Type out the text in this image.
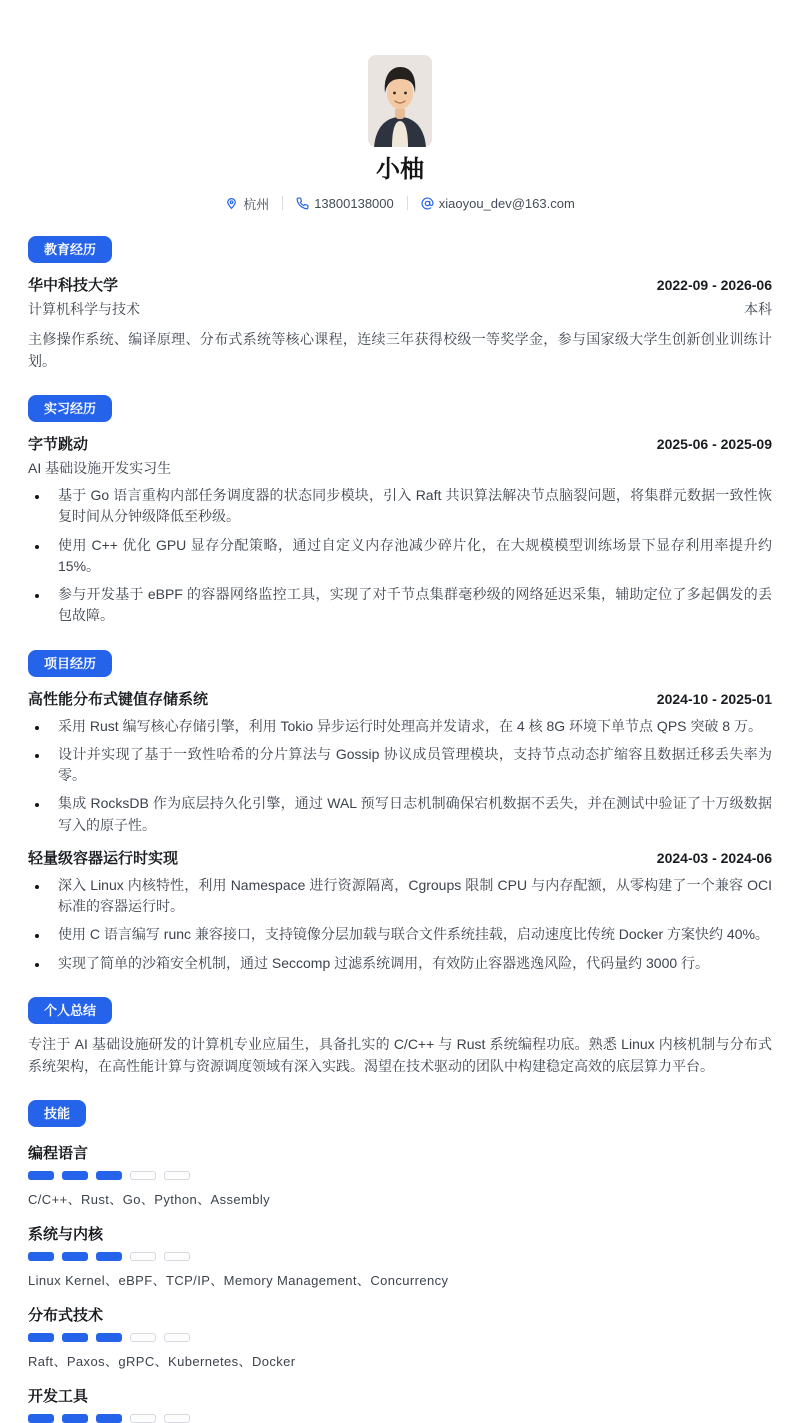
小柚
杭州	13800138000	xiaoyou_dev@163.com
教育经历
华中科技大学	2022-09 - 2026-06
计算机科学与技术	本科

主修操作系统、编译原理、分布式系统等核心课程，连续三年获得校级一等奖学金，参与国家级大学生创新创业训练计划。

实习经历
字节跳动	2025-06 - 2025-09
AI 基础设施开发实习生
• 基于 Go 语言重构内部任务调度器的状态同步模块，引入 Raft 共识算法解决节点脑裂问题，将集群元数据一致性恢复时间从分钟级降低至秒级。
• 使用 C++ 优化 GPU 显存分配策略，通过自定义内存池减少碎片化，在大规模模型训练场景下显存利用率提升约 15%。
• 参与开发基于 eBPF 的容器网络监控工具，实现了对千节点集群毫秒级的网络延迟采集，辅助定位了多起偶发的丢包故障。
项目经历
高性能分布式键值存储系统	2024-10 - 2025-01
• 采用 Rust 编写核心存储引擎，利用 Tokio 异步运行时处理高并发请求，在 4 核 8G 环境下单节点 QPS 突破 8 万。
• 设计并实现了基于一致性哈希的分片算法与 Gossip 协议成员管理模块，支持节点动态扩缩容且数据迁移丢失率为零。
• 集成 RocksDB 作为底层持久化引擎，通过 WAL 预写日志机制确保宕机数据不丢失，并在测试中验证了十万级数据写入的原子性。
轻量级容器运行时实现	2024-03 - 2024-06
• 深入 Linux 内核特性，利用 Namespace 进行资源隔离，Cgroups 限制 CPU 与内存配额，从零构建了一个兼容 OCI 标准的容器运行时。
• 使用 C 语言编写 runc 兼容接口，支持镜像分层加载与联合文件系统挂载，启动速度比传统 Docker 方案快约 40%。
• 实现了简单的沙箱安全机制，通过 Seccomp 过滤系统调用，有效防止容器逃逸风险，代码量约 3000 行。
个人总结

专注于 AI 基础设施研发的计算机专业应届生，具备扎实的 C/C++ 与 Rust 系统编程功底。熟悉 Linux 内核机制与分布式系统架构，在高性能计算与资源调度领域有深入实践。渴望在技术驱动的团队中构建稳定高效的底层算力平台。

技能
编程语言
C/C++、Rust、Go、Python、Assembly
系统与内核
Linux Kernel、eBPF、TCP/IP、Memory Management、Concurrency
分布式技术
Raft、Paxos、gRPC、Kubernetes、Docker
开发工具
